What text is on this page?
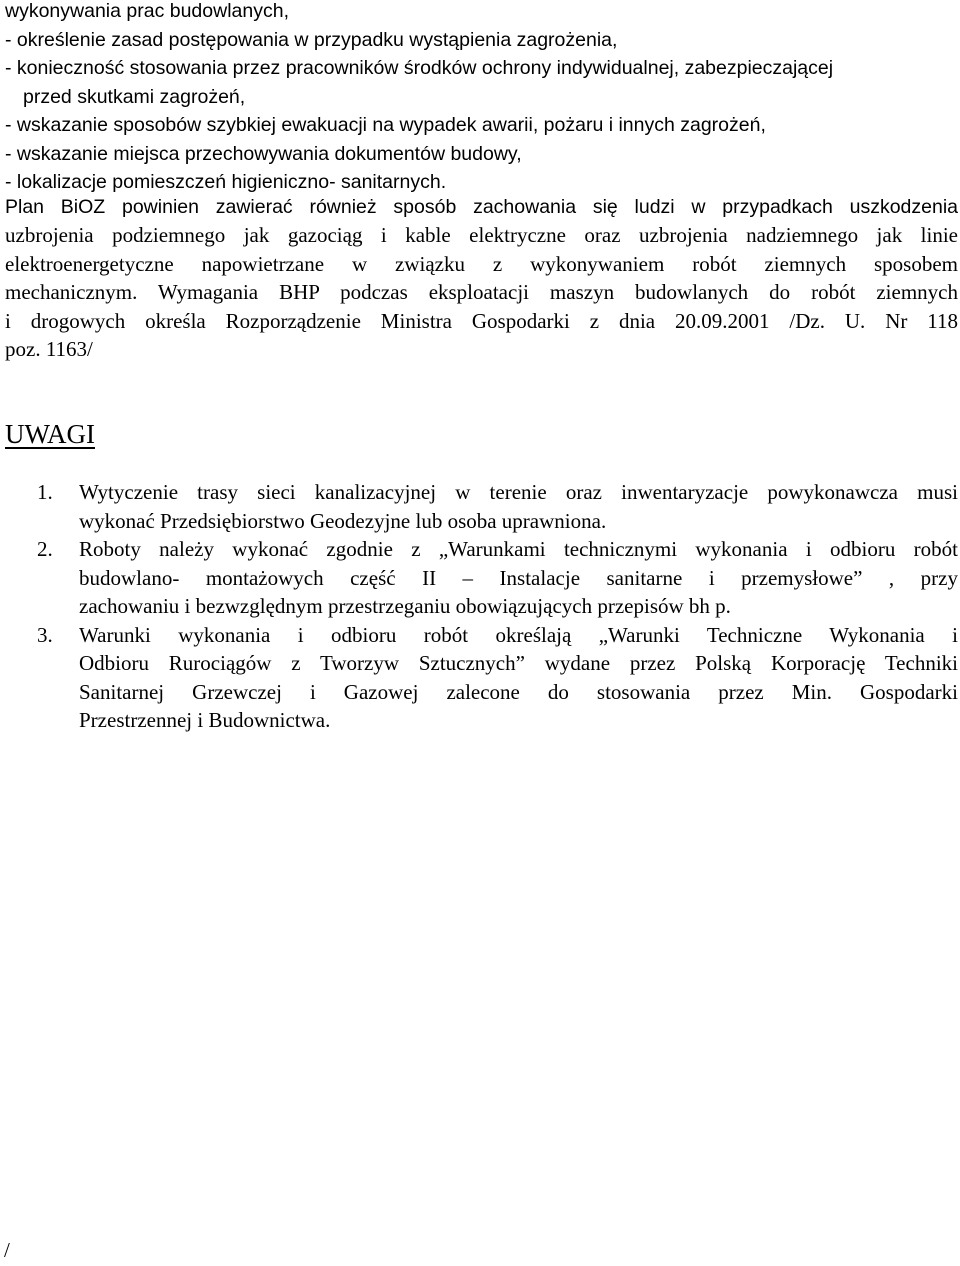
wykonywania prac budowlanych,
- określenie zasad postępowania w przypadku wystąpienia zagrożenia,
- konieczność stosowania przez pracowników środków ochrony indywidualnej, zabezpieczającej
przed skutkami zagrożeń,
- wskazanie sposobów szybkiej ewakuacji na wypadek awarii, pożaru i innych zagrożeń,
- wskazanie miejsca przechowywania dokumentów budowy,
- lokalizacje pomieszczeń higieniczno- sanitarnych.

Plan BiOZ powinien zawierać również sposób zachowania się ludzi w przypadkach uszkodzenia

uzbrojenia podziemnego jak gazociąg i kable elektryczne oraz uzbrojenia nadziemnego jak linie
elektroenergetyczne napowietrzane w związku z wykonywaniem robót ziemnych sposobem
mechanicznym. Wymagania BHP podczas eksploatacji maszyn budowlanych do robót ziemnych
i drogowych określa Rozporządzenie Ministra Gospodarki z dnia 20.09.2001 /Dz. U. Nr 118
poz. 1163/
UWAGI
1. Wytyczenie trasy sieci kanalizacyjnej w terenie oraz inwentaryzacje powykonawcza musi
wykonać Przedsiębiorstwo Geodezyjne lub osoba uprawniona.
2. Roboty należy wykonać zgodnie z „Warunkami technicznymi wykonania i odbioru robót
budowlano- montażowych część II – Instalacje sanitarne i przemysłowe” , przy
zachowaniu i bezwzględnym przestrzeganiu obowiązujących przepisów bh p.
3. Warunki wykonania i odbioru robót określają „Warunki Techniczne Wykonania i
Odbioru Rurociągów z Tworzyw Sztucznych” wydane przez Polską Korporację Techniki
Sanitarnej Grzewczej i Gazowej zalecone do stosowania przez Min. Gospodarki
Przestrzennej i Budownictwa.
/
